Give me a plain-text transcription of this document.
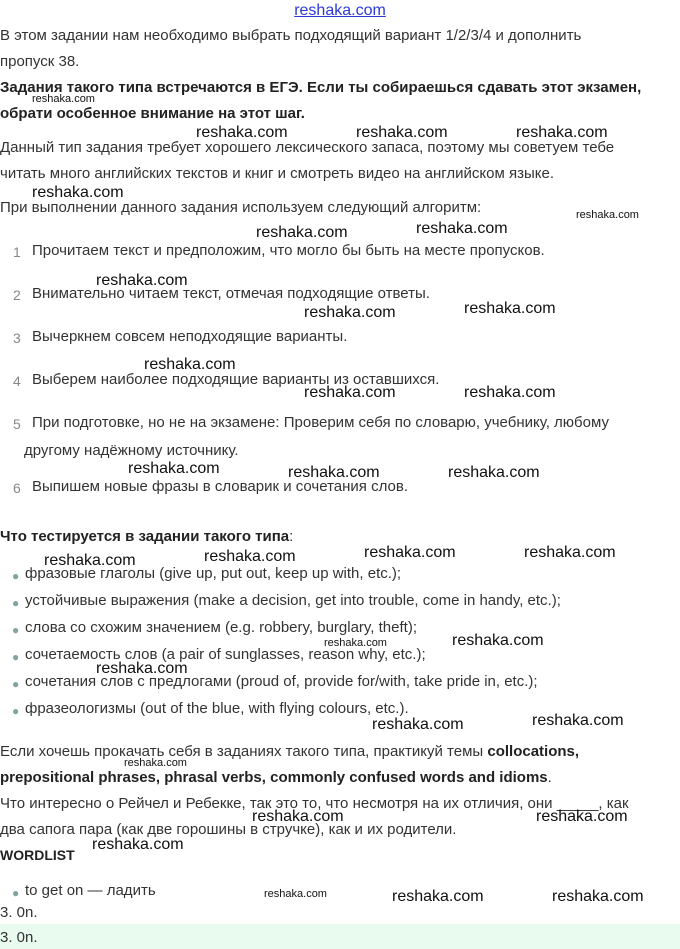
reshaka.com
В этом задании нам необходимо выбрать подходящий вариант 1/2/3/4 и дополнить
пропуск 38.
Задания такого типа встречаются в ЕГЭ. Если ты собираешься сдавать этот экзамен,
обрати особенное внимание на этот шаг.
Данный тип задания требует хорошего лексического запаса, поэтому мы советуем тебе
читать много английских текстов и книг и смотреть видео на английском языке.
При выполнении данного задания используем следующий алгоритм:
1 Прочитаем текст и предположим, что могло бы быть на месте пропусков.
2 Внимательно читаем текст, отмечая подходящие ответы.
3 Вычеркнем совсем неподходящие варианты.
4 Выберем наиболее подходящие варианты из оставшихся.
5 При подготовке, но не на экзамене: Проверим себя по словарю, учебнику, любому
другому надёжному источнику.
6 Выпишем новые фразы в словарик и сочетания слов.
Что тестируется в задании такого типа:
● фразовые глаголы (give up, put out, keep up with, etc.);
● устойчивые выражения (make a decision, get into trouble, come in handy, etc.);
● слова со схожим значением (e.g. robbery, burglary, theft);
● сочетаемость слов (a pair of sunglasses, reason why, etc.);
● сочетания слов с предлогами (proud of, provide for/with, take pride in, etc.);
● фразеологизмы (out of the blue, with flying colours, etc.).
Если хочешь прокачать себя в заданиях такого типа, практикуй темы collocations,
prepositional phrases, phrasal verbs, commonly confused words and idioms.
Что интересно о Рейчел и Ребекке, так это то, что несмотря на их отличия, они _____, как
два сапога пара (как две горошины в стручке), как и их родители.
WORDLIST
● to get on — ладить
3. 0n.
3. 0n.
reshaka.com
reshaka.com	reshaka.com	reshaka.com
reshaka.com
reshaka.com
reshaka.com	reshaka.com
reshaka.com
reshaka.com	reshaka.com
reshaka.com
reshaka.com	reshaka.com
reshaka.com	reshaka.com	reshaka.com
reshaka.com	reshaka.com	reshaka.com	reshaka.com
reshaka.com	reshaka.com
reshaka.com
reshaka.com	reshaka.com
reshaka.com
reshaka.com	reshaka.com
reshaka.com
reshaka.com	reshaka.com	reshaka.com
